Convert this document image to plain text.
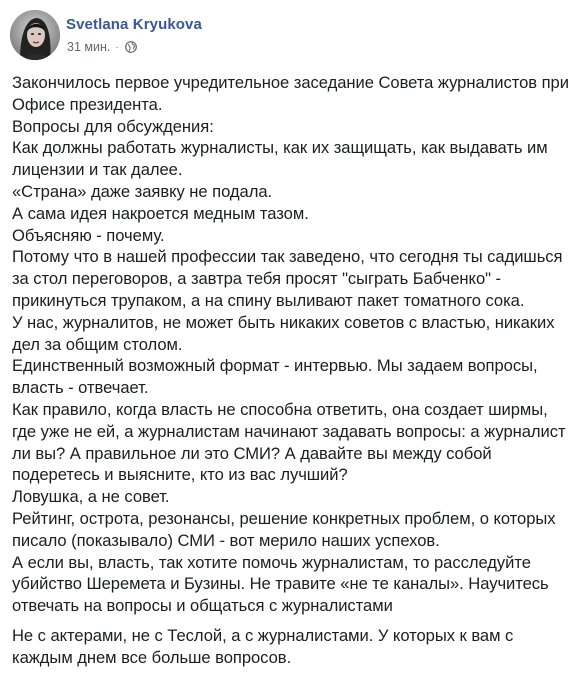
Svetlana Kryukova
31 мин. ·

Закончилось первое учредительное заседание Совета журналистов при
Офисе президента.
Вопросы для обсуждения:
Как должны работать журналисты, как их защищать, как выдавать им
лицензии и так далее.
«Страна» даже заявку не подала.
А сама идея накроется медным тазом.
Объясняю - почему.
Потому что в нашей профессии так заведено, что сегодня ты садишься
за стол переговоров, а завтра тебя просят "сыграть Бабченко" -
прикинуться трупаком, а на спину выливают пакет томатного сока.
У нас, журналитов, не может быть никаких советов с властью, никаких
дел за общим столом.
Единственный возможный формат - интервью. Мы задаем вопросы,
власть - отвечает.
Как правило, когда власть не способна ответить, она создает ширмы,
где уже не ей, а журналистам начинают задавать вопросы: а журналист
ли вы? А правильное ли это СМИ? А давайте вы между собой
подеретесь и выясните, кто из вас лучший?
Ловушка, а не совет.
Рейтинг, острота, резонансы, решение конкретных проблем, о которых
писало (показывало) СМИ - вот мерило наших успехов.
А если вы, власть, так хотите помочь журналистам, то расследуйте
убийство Шеремета и Бузины. Не травите «не те каналы». Научитесь
отвечать на вопросы и общаться с журналистами

Не с актерами, не с Теслой, а с журналистами. У которых к вам с
каждым днем все больше вопросов.
